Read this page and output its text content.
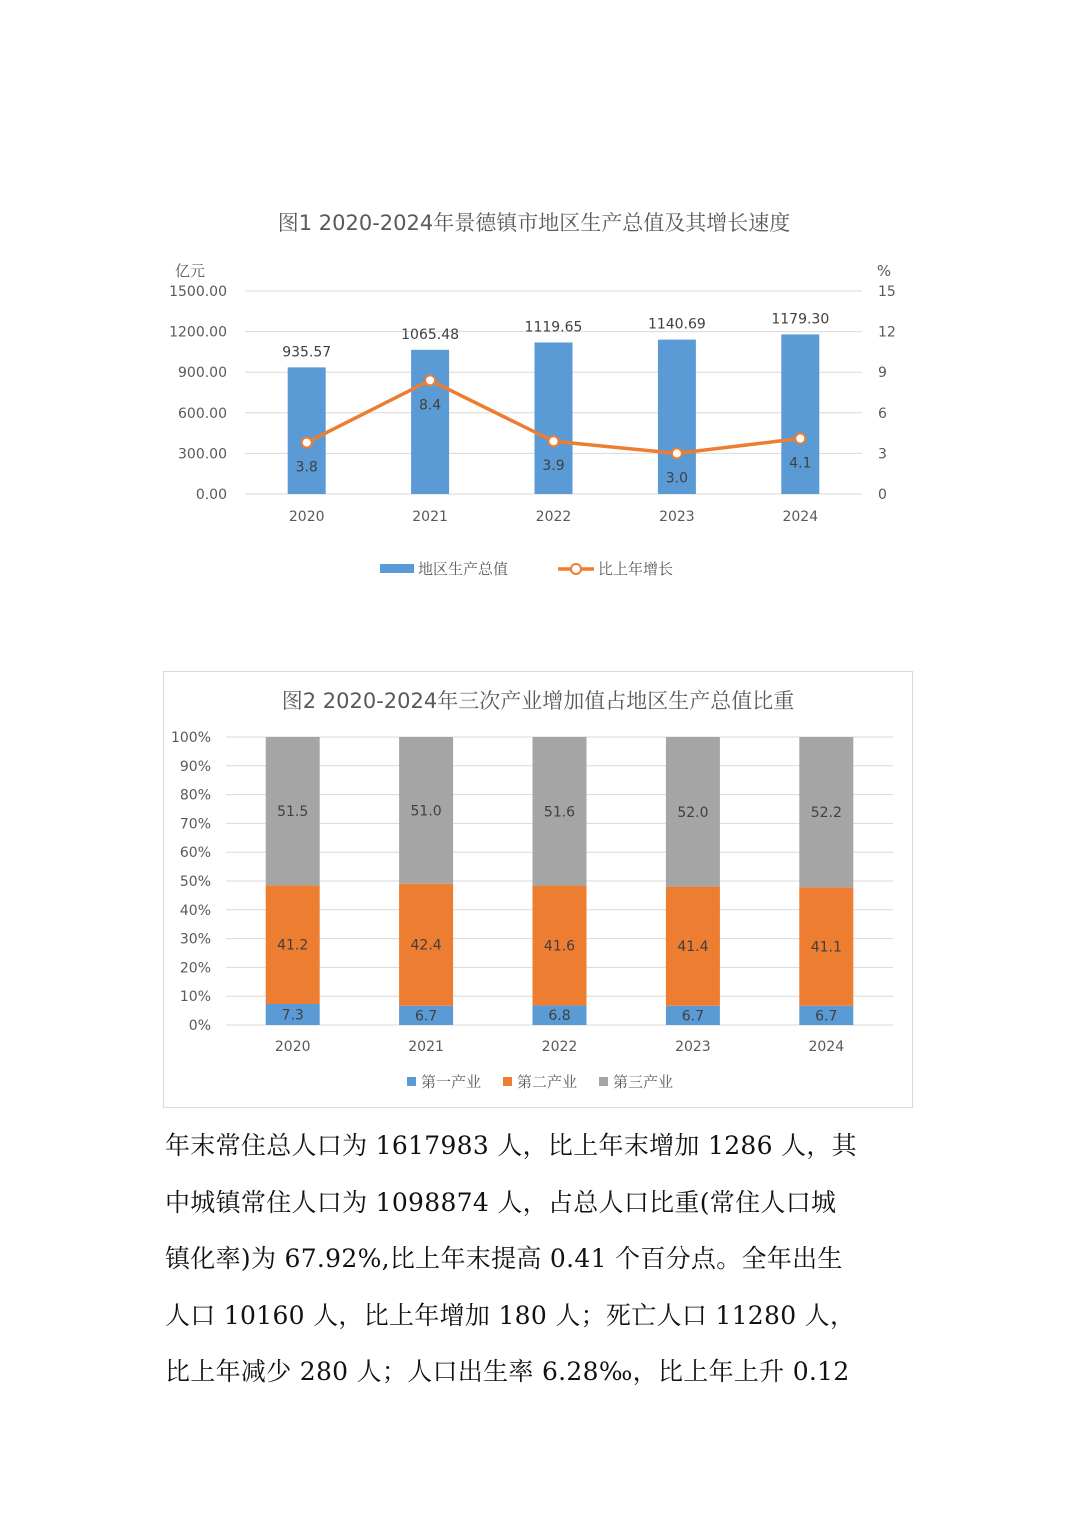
图1 2020-2024年景德镇市地区生产总值及其增长速度
亿元	%
0.00
300.00
600.00
900.00
1200.00
1500.00
0
3
6
9
12
15
935.57
2020
1065.48
2021
1119.65
2022
1140.69
2023
1179.30
2024
3.8
8.4
3.9
3.0
4.1
地区生产总值	比上年增长
图2 2020-2024年三次产业增加值占地区生产总值比重
0%
10%
20%
30%
40%
50%
60%
70%
80%
90%
100%
7.3
41.2
51.5
2020
6.7
42.4
51.0
2021
6.8
41.6
51.6
2022
6.7
41.4
52.0
2023
6.7
41.1
52.2
2024
第一产业 第二产业 第三产业
年末常住总人口为 1617983 人，比上年末增加 1286 人，其
中城镇常住人口为 1098874 人，占总人口比重(常住人口城
镇化率)为 67.92%,比上年末提高 0.41 个百分点。全年出生
人口 10160 人，比上年增加 180 人；死亡人口 11280 人，
比上年减少 280 人；人口出生率 6.28‰，比上年上升 0.12
